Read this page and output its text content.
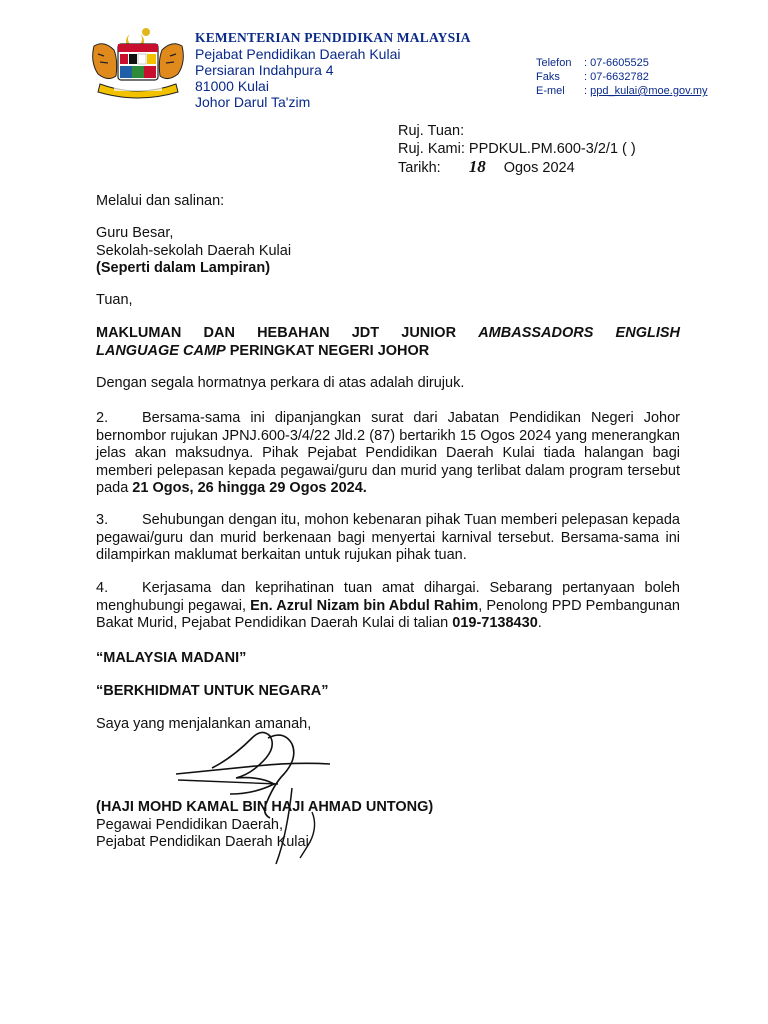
KEMENTERIAN PENDIDIKAN MALAYSIA
Pejabat Pendidikan Daerah Kulai
Persiaran Indahpura 4
81000 Kulai
Johor Darul Ta'zim
Telefon : 07-6605525
Faks : 07-6632782
E-mel : ppd_kulai@moe.gov.my
Ruj. Tuan:
Ruj. Kami: PPDKUL.PM.600-3/2/1 ( )
Tarikh: 18 Ogos 2024
Melalui dan salinan:
Guru Besar,
Sekolah-sekolah Daerah Kulai
(Seperti dalam Lampiran)
Tuan,
MAKLUMAN DAN HEBAHAN JDT JUNIOR AMBASSADORS ENGLISH
LANGUAGE CAMP PERINGKAT NEGERI JOHOR
Dengan segala hormatnya perkara di atas adalah dirujuk.
2. Bersama-sama ini dipanjangkan surat dari Jabatan Pendidikan Negeri Johor bernombor rujukan JPNJ.600-3/4/22 Jld.2 (87) bertarikh 15 Ogos 2024 yang menerangkan jelas akan maksudnya. Pihak Pejabat Pendidikan Daerah Kulai tiada halangan bagi memberi pelepasan kepada pegawai/guru dan murid yang terlibat dalam program tersebut pada 21 Ogos, 26 hingga 29 Ogos 2024.
3. Sehubungan dengan itu, mohon kebenaran pihak Tuan memberi pelepasan kepada pegawai/guru dan murid berkenaan bagi menyertai karnival tersebut. Bersama-sama ini dilampirkan maklumat berkaitan untuk rujukan pihak tuan.
4. Kerjasama dan keprihatinan tuan amat dihargai. Sebarang pertanyaan boleh menghubungi pegawai, En. Azrul Nizam bin Abdul Rahim, Penolong PPD Pembangunan Bakat Murid, Pejabat Pendidikan Daerah Kulai di talian 019-7138430.
“MALAYSIA MADANI”
“BERKHIDMAT UNTUK NEGARA”
Saya yang menjalankan amanah,
(HAJI MOHD KAMAL BIN HAJI AHMAD UNTONG)
Pegawai Pendidikan Daerah,
Pejabat Pendidikan Daerah Kulai
